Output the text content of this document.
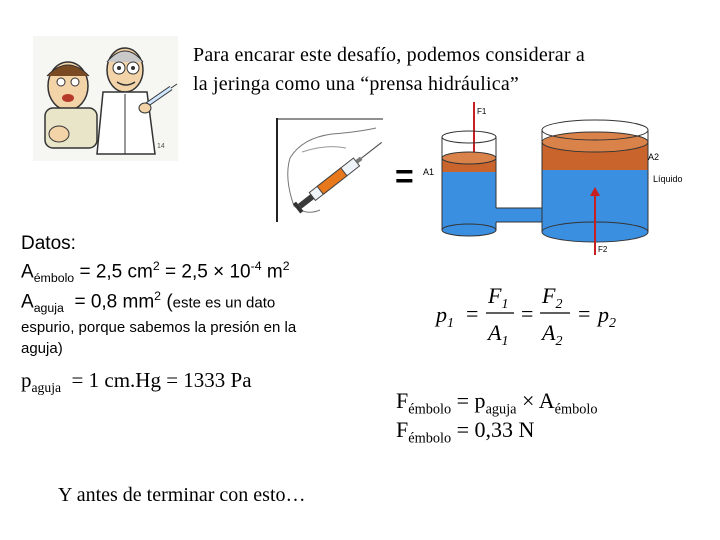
Para encarar este desafío, podemos considerar a
la jeringa como una “prensa hidráulica”
14
=
F1
A1
A2
Líquido
F2
Datos:
$A_{émbolo} = 2,5$ $cm^2 = 2,5 \times 10^{-4}$ $m^2$
$A_{aguja} = 0,8$ $mm^2$ (este es un dato
espurio, porque sabemos la presión en la
aguja)
$p_{aguja} = 1$ cm.Hg = 1333 Pa
$p_1$ =
$F_1$
$A_1$
=
$F_2$
$A_2$
= $p_2$
$F_{émbolo} = p_{aguja} \times A_{émbolo}$
$F_{émbolo} = 0,33$ N
Y antes de terminar con esto…
